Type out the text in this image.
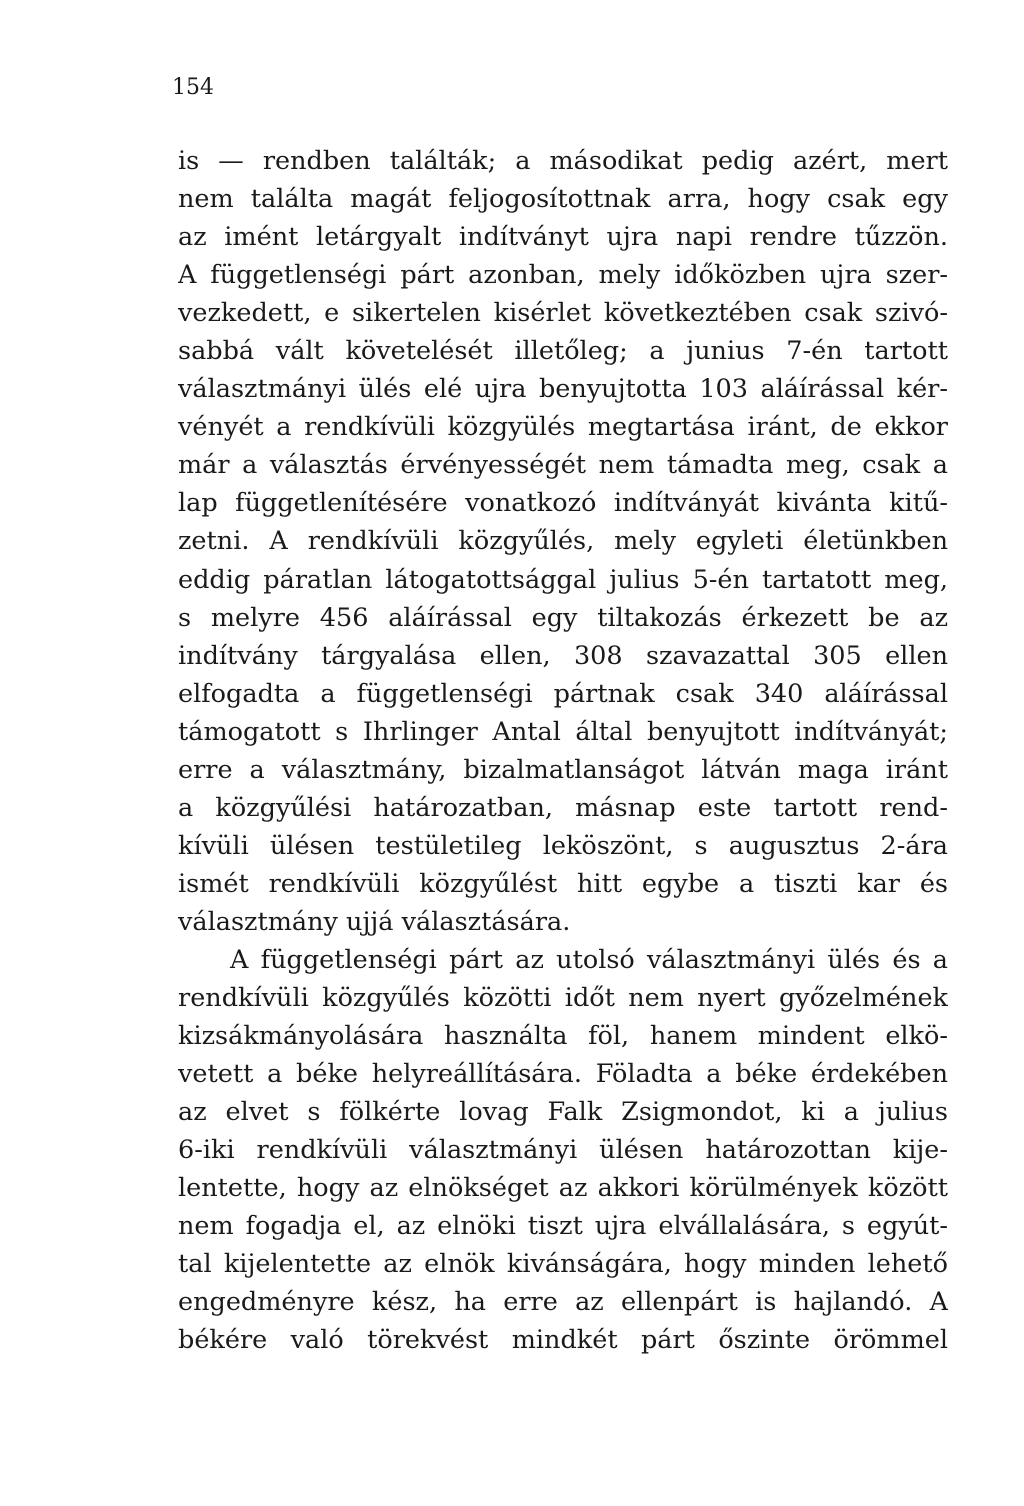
154
is — rendben találták; a másodikat pedig azért, mert
nem találta magát feljogosítottnak arra, hogy csak egy
az imént letárgyalt indítványt ujra napi rendre tűzzön.
A függetlenségi párt azonban, mely időközben ujra szer-
vezkedett, e sikertelen kisérlet következtében csak szivó-
sabbá vált követelését illetőleg; a junius 7-én tartott
választmányi ülés elé ujra benyujtotta 103 aláírással kér-
vényét a rendkívüli közgyülés megtartása iránt, de ekkor
már a választás érvényességét nem támadta meg, csak a
lap függetlenítésére vonatkozó indítványát kivánta kitű-
zetni. A rendkívüli közgyűlés, mely egyleti életünkben
eddig páratlan látogatottsággal julius 5-én tartatott meg,
s melyre 456 aláírással egy tiltakozás érkezett be az
indítvány tárgyalása ellen, 308 szavazattal 305 ellen
elfogadta a függetlenségi pártnak csak 340 aláírással
támogatott s Ihrlinger Antal által benyujtott indítványát;
erre a választmány, bizalmatlanságot látván maga iránt
a közgyűlési határozatban, másnap este tartott rend-
kívüli ülésen testületileg leköszönt, s augusztus 2-ára
ismét rendkívüli közgyűlést hitt egybe a tiszti kar és
választmány ujjá választására.
A függetlenségi párt az utolsó választmányi ülés és a
rendkívüli közgyűlés közötti időt nem nyert győzelmének
kizsákmányolására használta föl, hanem mindent elkö-
vetett a béke helyreállítására. Föladta a béke érdekében
az elvet s fölkérte lovag Falk Zsigmondot, ki a julius
6-iki rendkívüli választmányi ülésen határozottan kije-
lentette, hogy az elnökséget az akkori körülmények között
nem fogadja el, az elnöki tiszt ujra elvállalására, s egyút-
tal kijelentette az elnök kivánságára, hogy minden lehető
engedményre kész, ha erre az ellenpárt is hajlandó. A
békére való törekvést mindkét párt őszinte örömmel
